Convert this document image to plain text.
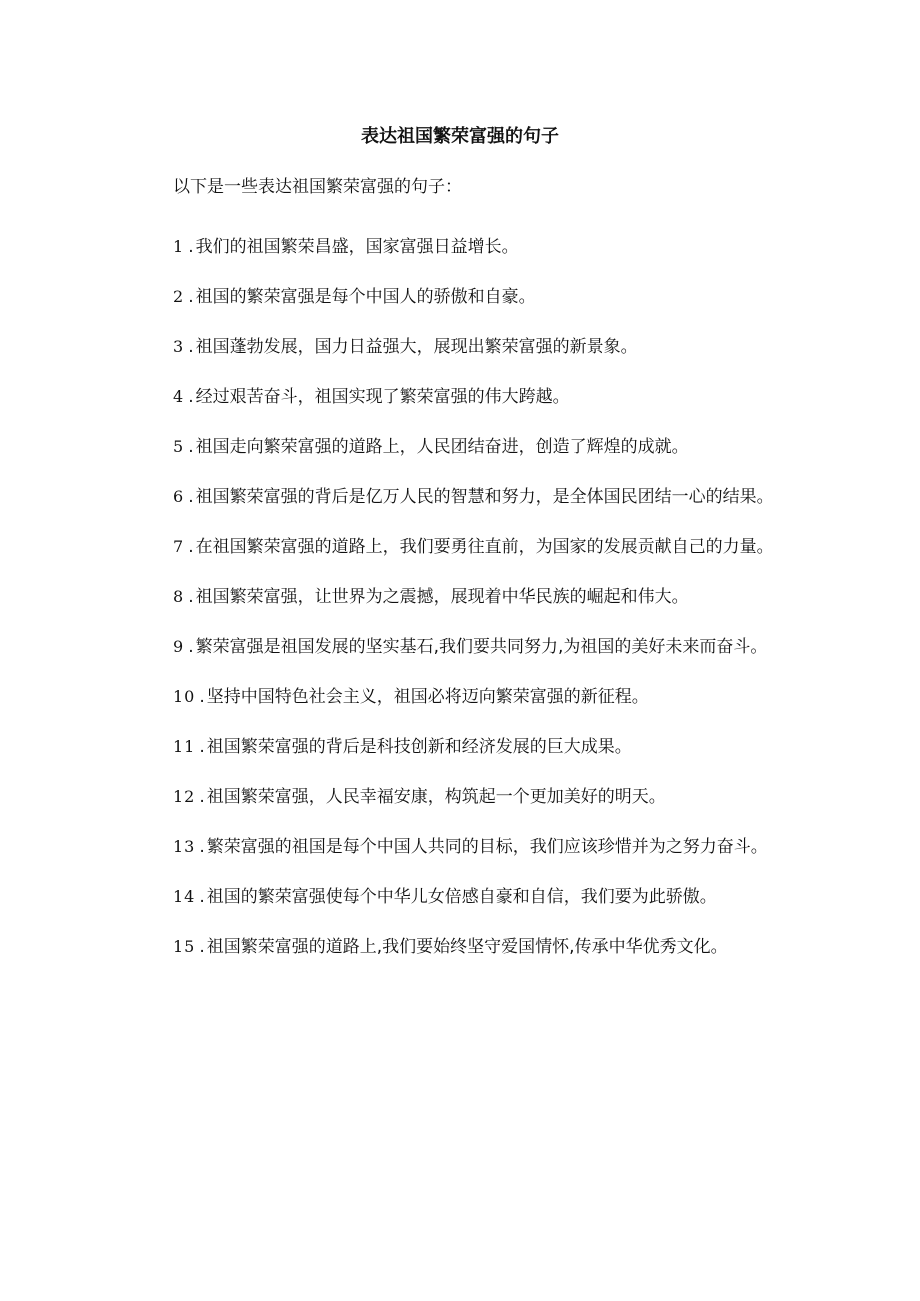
表达祖国繁荣富强的句子
以下是一些表达祖国繁荣富强的句子：
1 . 我们的祖国繁荣昌盛，国家富强日益增长。
2 . 祖国的繁荣富强是每个中国人的骄傲和自豪。
3 . 祖国蓬勃发展，国力日益强大，展现出繁荣富强的新景象。
4 . 经过艰苦奋斗，祖国实现了繁荣富强的伟大跨越。
5 . 祖国走向繁荣富强的道路上，人民团结奋进，创造了辉煌的成就。
6 . 祖国繁荣富强的背后是亿万人民的智慧和努力，是全体国民团结一心的结果。
7 . 在祖国繁荣富强的道路上，我们要勇往直前，为国家的发展贡献自己的力量。
8 . 祖国繁荣富强，让世界为之震撼，展现着中华民族的崛起和伟大。
9 . 繁荣富强是祖国发展的坚实基石,我们要共同努力,为祖国的美好未来而奋斗。
10 . 坚持中国特色社会主义，祖国必将迈向繁荣富强的新征程。
11 . 祖国繁荣富强的背后是科技创新和经济发展的巨大成果。
12 . 祖国繁荣富强，人民幸福安康，构筑起一个更加美好的明天。
13 . 繁荣富强的祖国是每个中国人共同的目标，我们应该珍惜并为之努力奋斗。
14 . 祖国的繁荣富强使每个中华儿女倍感自豪和自信，我们要为此骄傲。
15 . 祖国繁荣富强的道路上,我们要始终坚守爱国情怀,传承中华优秀文化。
